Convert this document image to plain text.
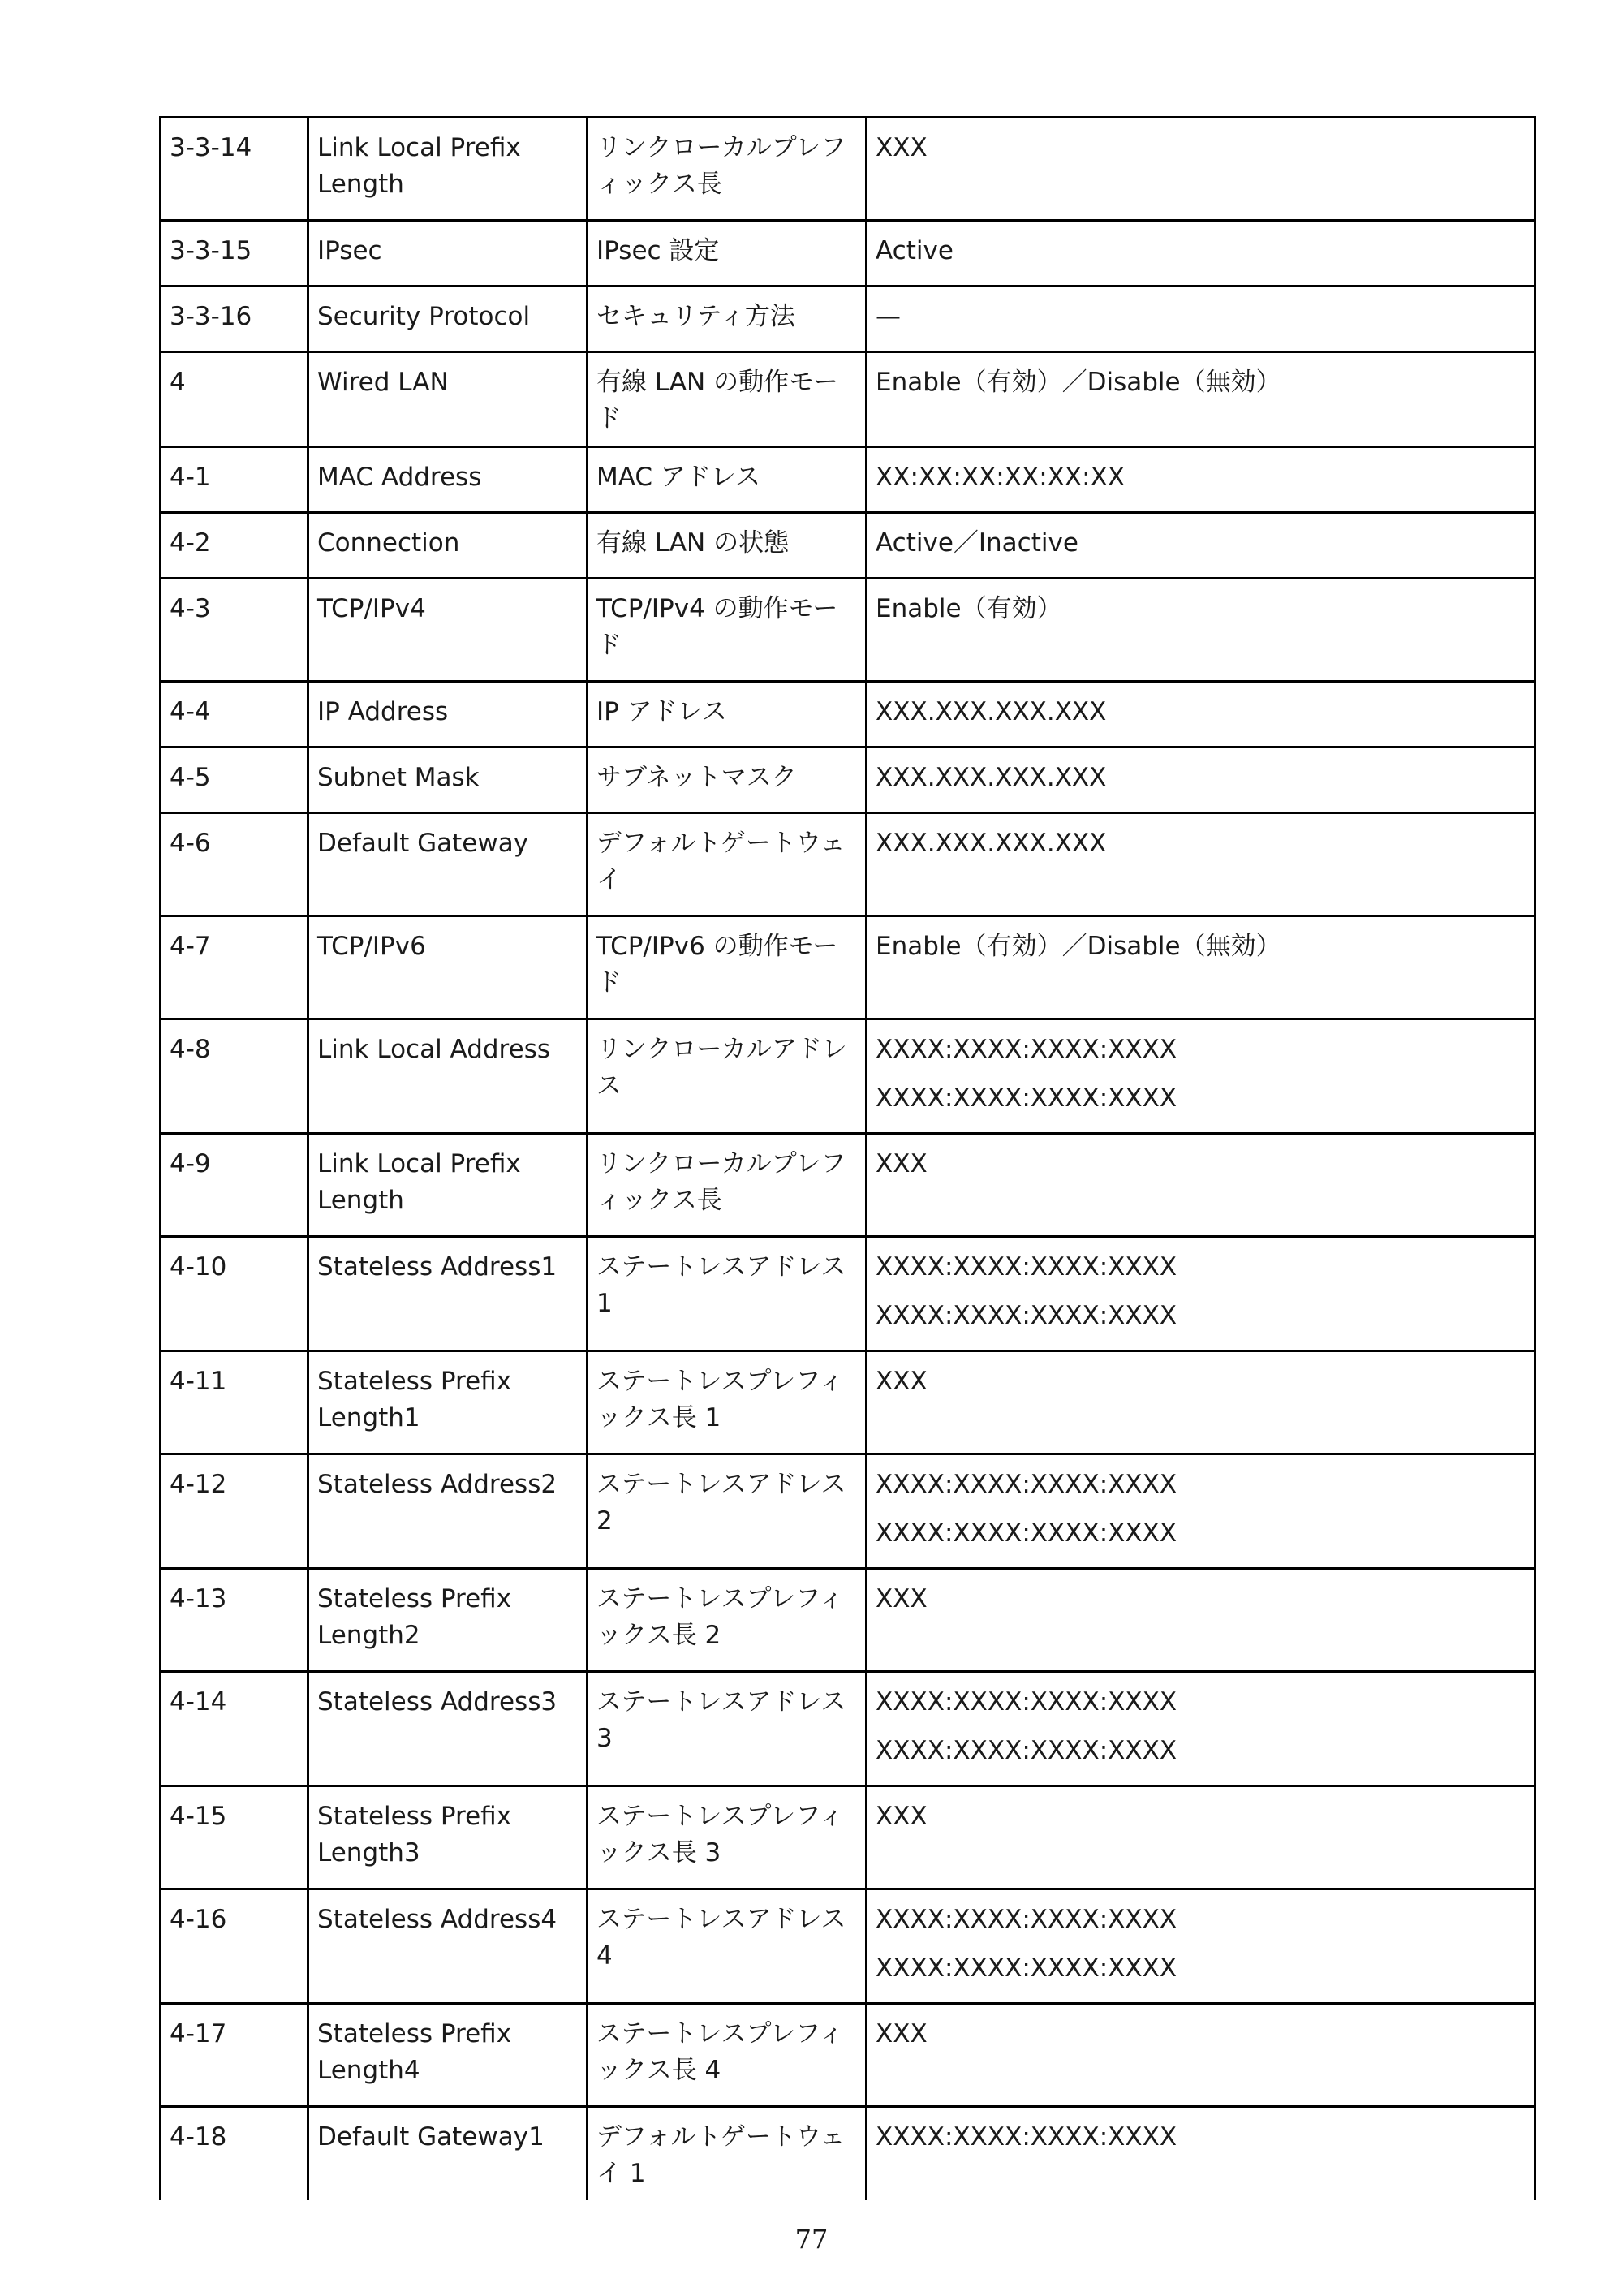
3-3-14	Link Local Prefix Length	リンクローカルプレフィックス長	XXX

3-3-15	IPsec	IPsec 設定	Active

3-3-16	Security Protocol	セキュリティ方法	—

4	Wired LAN	有線 LAN の動作モード	Enable（有効）／Disable（無効）

4-1	MAC Address	MAC アドレス	XX:XX:XX:XX:XX:XX

4-2	Connection	有線 LAN の状態	Active／Inactive

4-3	TCP/IPv4	TCP/IPv4 の動作モード	Enable（有効）

4-4	IP Address	IP アドレス	XXX.XXX.XXX.XXX

4-5	Subnet Mask	サブネットマスク	XXX.XXX.XXX.XXX

4-6	Default Gateway	デフォルトゲートウェイ	XXX.XXX.XXX.XXX

4-7	TCP/IPv6	TCP/IPv6 の動作モード	Enable（有効）／Disable（無効）

4-8	Link Local Address	リンクローカルアドレス	XXXX:XXXX:XXXX:XXXX
XXXX:XXXX:XXXX:XXXX

4-9	Link Local Prefix Length	リンクローカルプレフィックス長	XXX

4-10	Stateless Address1	ステートレスアドレス 1	XXXX:XXXX:XXXX:XXXX
XXXX:XXXX:XXXX:XXXX

4-11	Stateless Prefix Length1	ステートレスプレフィックス長 1	XXX

4-12	Stateless Address2	ステートレスアドレス 2	XXXX:XXXX:XXXX:XXXX
XXXX:XXXX:XXXX:XXXX

4-13	Stateless Prefix Length2	ステートレスプレフィックス長 2	XXX

4-14	Stateless Address3	ステートレスアドレス 3	XXXX:XXXX:XXXX:XXXX
XXXX:XXXX:XXXX:XXXX

4-15	Stateless Prefix Length3	ステートレスプレフィックス長 3	XXX

4-16	Stateless Address4	ステートレスアドレス 4	XXXX:XXXX:XXXX:XXXX
XXXX:XXXX:XXXX:XXXX

4-17	Stateless Prefix Length4	ステートレスプレフィックス長 4	XXX

4-18	Default Gateway1	デフォルトゲートウェイ 1	XXXX:XXXX:XXXX:XXXX
77
